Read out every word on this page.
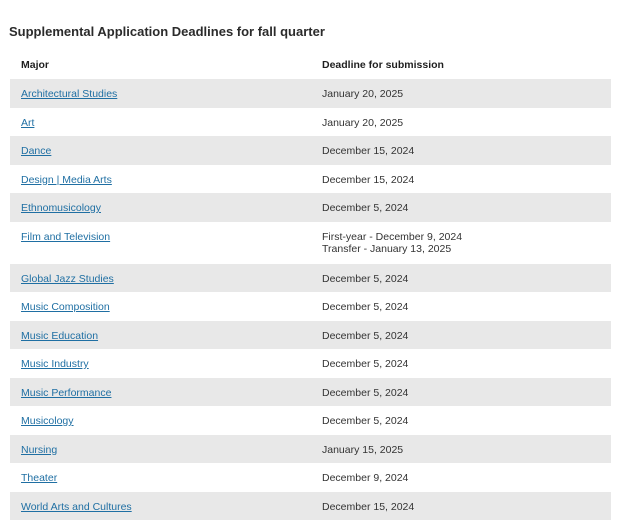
Supplemental Application Deadlines for fall quarter
Major	Deadline for submission
Architectural Studies	January 20, 2025
Art	January 20, 2025
Dance	December 15, 2024
Design | Media Arts	December 15, 2024
Ethnomusicology	December 5, 2024
Film and Television	First-year - December 9, 2024
Transfer - January 13, 2025
Global Jazz Studies	December 5, 2024
Music Composition	December 5, 2024
Music Education	December 5, 2024
Music Industry	December 5, 2024
Music Performance	December 5, 2024
Musicology	December 5, 2024
Nursing	January 15, 2025
Theater	December 9, 2024
World Arts and Cultures	December 15, 2024
